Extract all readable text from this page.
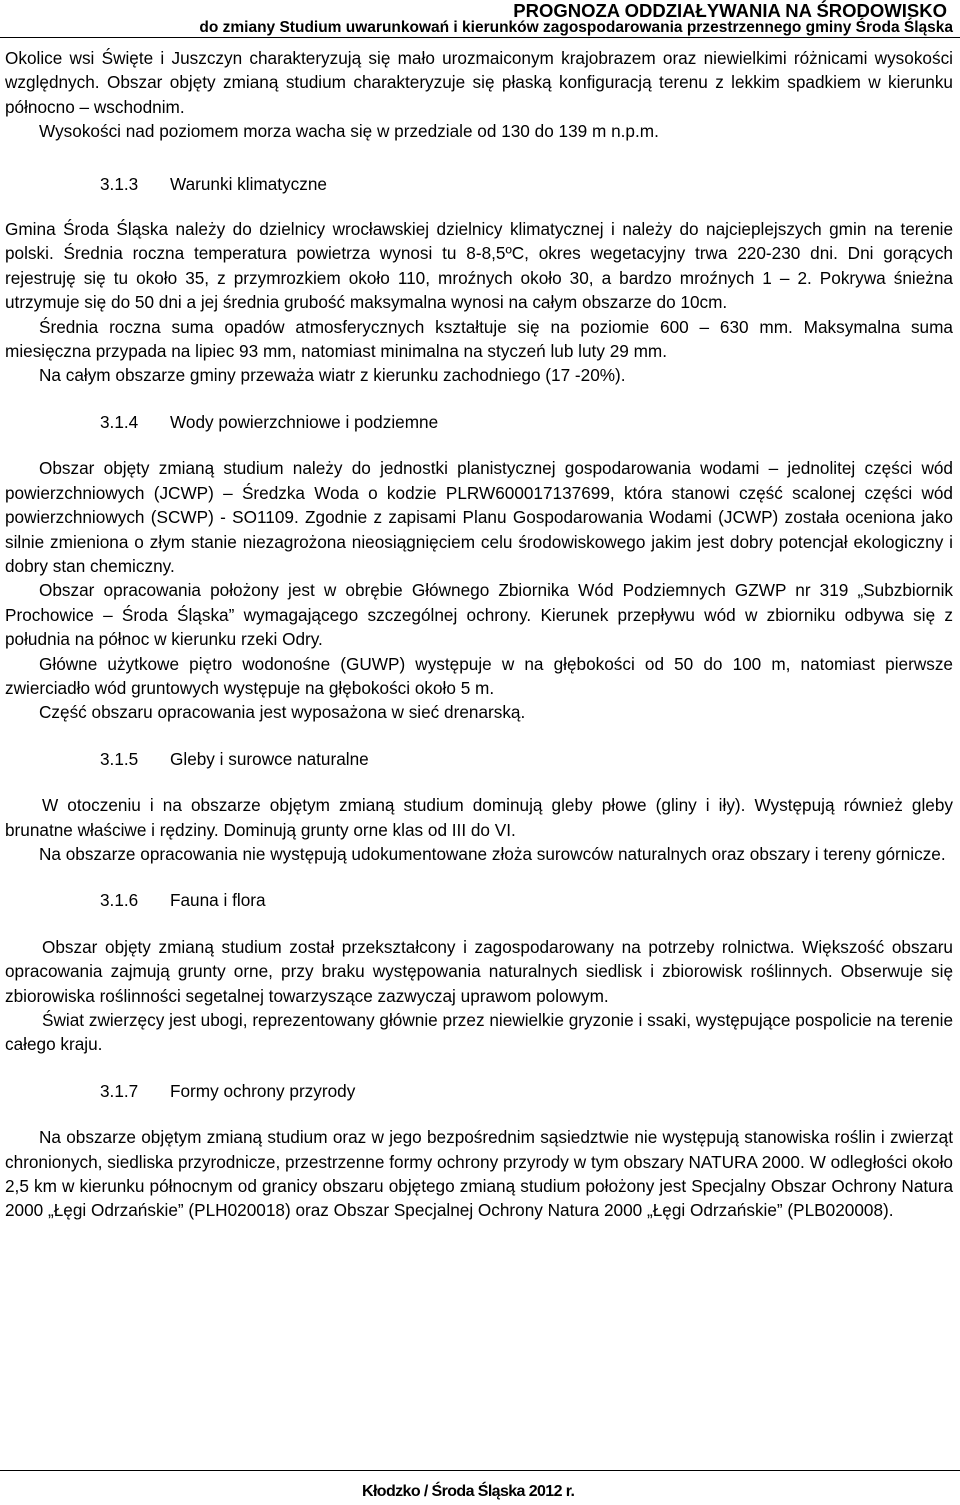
PROGNOZA ODDZIAŁYWANIA NA ŚRODOWISKO
do zmiany Studium uwarunkowań i kierunków zagospodarowania przestrzennego gminy Środa Śląska

Okolice wsi Święte i Juszczyn charakteryzują się mało urozmaiconym krajobrazem oraz niewielkimi różnicami wysokości względnych. Obszar objęty zmianą studium charakteryzuje się płaską konfiguracją terenu z lekkim spadkiem w kierunku północno – wschodnim.

Wysokości nad poziomem morza wacha się w przedziale od 130 do 139 m n.p.m.

3.1.3 Warunki klimatyczne

Gmina Środa Śląska należy do dzielnicy wrocławskiej dzielnicy klimatycznej i należy do najcieplejszych gmin na terenie polski. Średnia roczna temperatura powietrza wynosi tu 8-8,5ºC, okres wegetacyjny trwa 220-230 dni. Dni gorących rejestruję się tu około 35, z przymrozkiem około 110, mroźnych około 30, a bardzo mroźnych 1 – 2. Pokrywa śnieżna utrzymuje się do 50 dni a jej średnia grubość maksymalna wynosi na całym obszarze do 10cm.

Średnia roczna suma opadów atmosferycznych kształtuje się na poziomie 600 – 630 mm. Maksymalna suma miesięczna przypada na lipiec 93 mm, natomiast minimalna na styczeń lub luty 29 mm.

Na całym obszarze gminy przeważa wiatr z kierunku zachodniego (17 -20%).

3.1.4 Wody powierzchniowe i podziemne

Obszar objęty zmianą studium należy do jednostki planistycznej gospodarowania wodami – jednolitej części wód powierzchniowych (JCWP) – Średzka Woda o kodzie PLRW600017137699, która stanowi część scalonej części wód powierzchniowych (SCWP) - SO1109. Zgodnie z zapisami Planu Gospodarowania Wodami (JCWP) została oceniona jako silnie zmieniona o złym stanie niezagrożona nieosiągnięciem celu środowiskowego jakim jest dobry potencjał ekologiczny i dobry stan chemiczny.

Obszar opracowania położony jest w obrębie Głównego Zbiornika Wód Podziemnych GZWP nr 319 „Subzbiornik Prochowice – Środa Śląska” wymagającego szczególnej ochrony. Kierunek przepływu wód w zbiorniku odbywa się z południa na północ w kierunku rzeki Odry.

Główne użytkowe piętro wodonośne (GUWP) występuje w na głębokości od 50 do 100 m, natomiast pierwsze zwierciadło wód gruntowych występuje na głębokości około 5 m.

Część obszaru opracowania jest wyposażona w sieć drenarską.

3.1.5 Gleby i surowce naturalne

W otoczeniu i na obszarze objętym zmianą studium dominują gleby płowe (gliny i iły). Występują również gleby brunatne właściwe i rędziny. Dominują grunty orne klas od III do VI.

Na obszarze opracowania nie występują udokumentowane złoża surowców naturalnych oraz obszary i tereny górnicze.

3.1.6 Fauna i flora

Obszar objęty zmianą studium został przekształcony i zagospodarowany na potrzeby rolnictwa. Większość obszaru opracowania zajmują grunty orne, przy braku występowania naturalnych siedlisk i zbiorowisk roślinnych. Obserwuje się zbiorowiska roślinności segetalnej towarzyszące zazwyczaj uprawom polowym.

Świat zwierzęcy jest ubogi, reprezentowany głównie przez niewielkie gryzonie i ssaki, występujące pospolicie na terenie całego kraju.

3.1.7 Formy ochrony przyrody

Na obszarze objętym zmianą studium oraz w jego bezpośrednim sąsiedztwie nie występują stanowiska roślin i zwierząt chronionych, siedliska przyrodnicze, przestrzenne formy ochrony przyrody w tym obszary NATURA 2000. W odległości około 2,5 km w kierunku północnym od granicy obszaru objętego zmianą studium położony jest Specjalny Obszar Ochrony Natura 2000 „Łęgi Odrzańskie” (PLH020018) oraz Obszar Specjalnej Ochrony Natura 2000 „Łęgi Odrzańskie” (PLB020008).

Kłodzko / Środa Śląska 2012 r.
